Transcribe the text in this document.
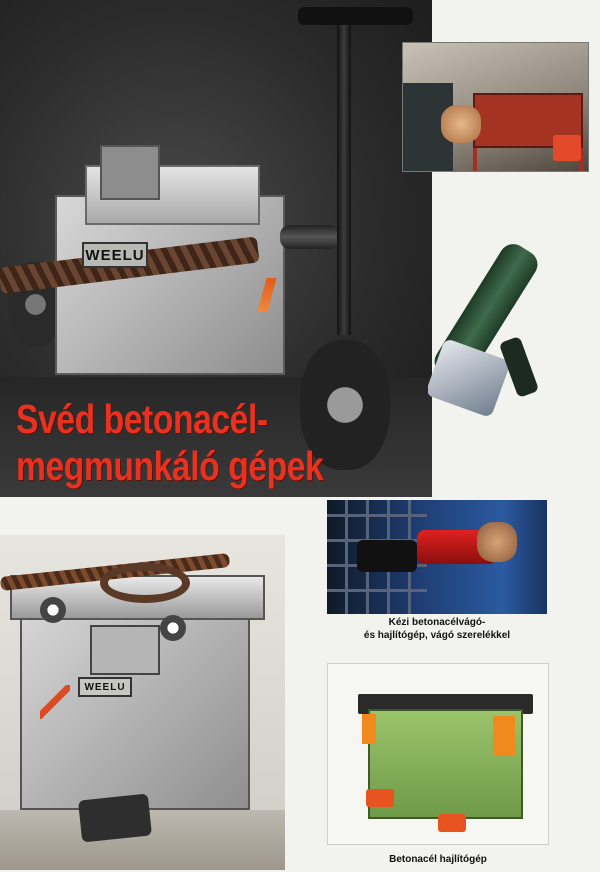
WEELU
Svéd betonacél-
megmunkáló gépek
Kézi betonacélvágó-
és hajlítógép, vágó szerelékkel
Betonacél hajlítógép
WEELU
